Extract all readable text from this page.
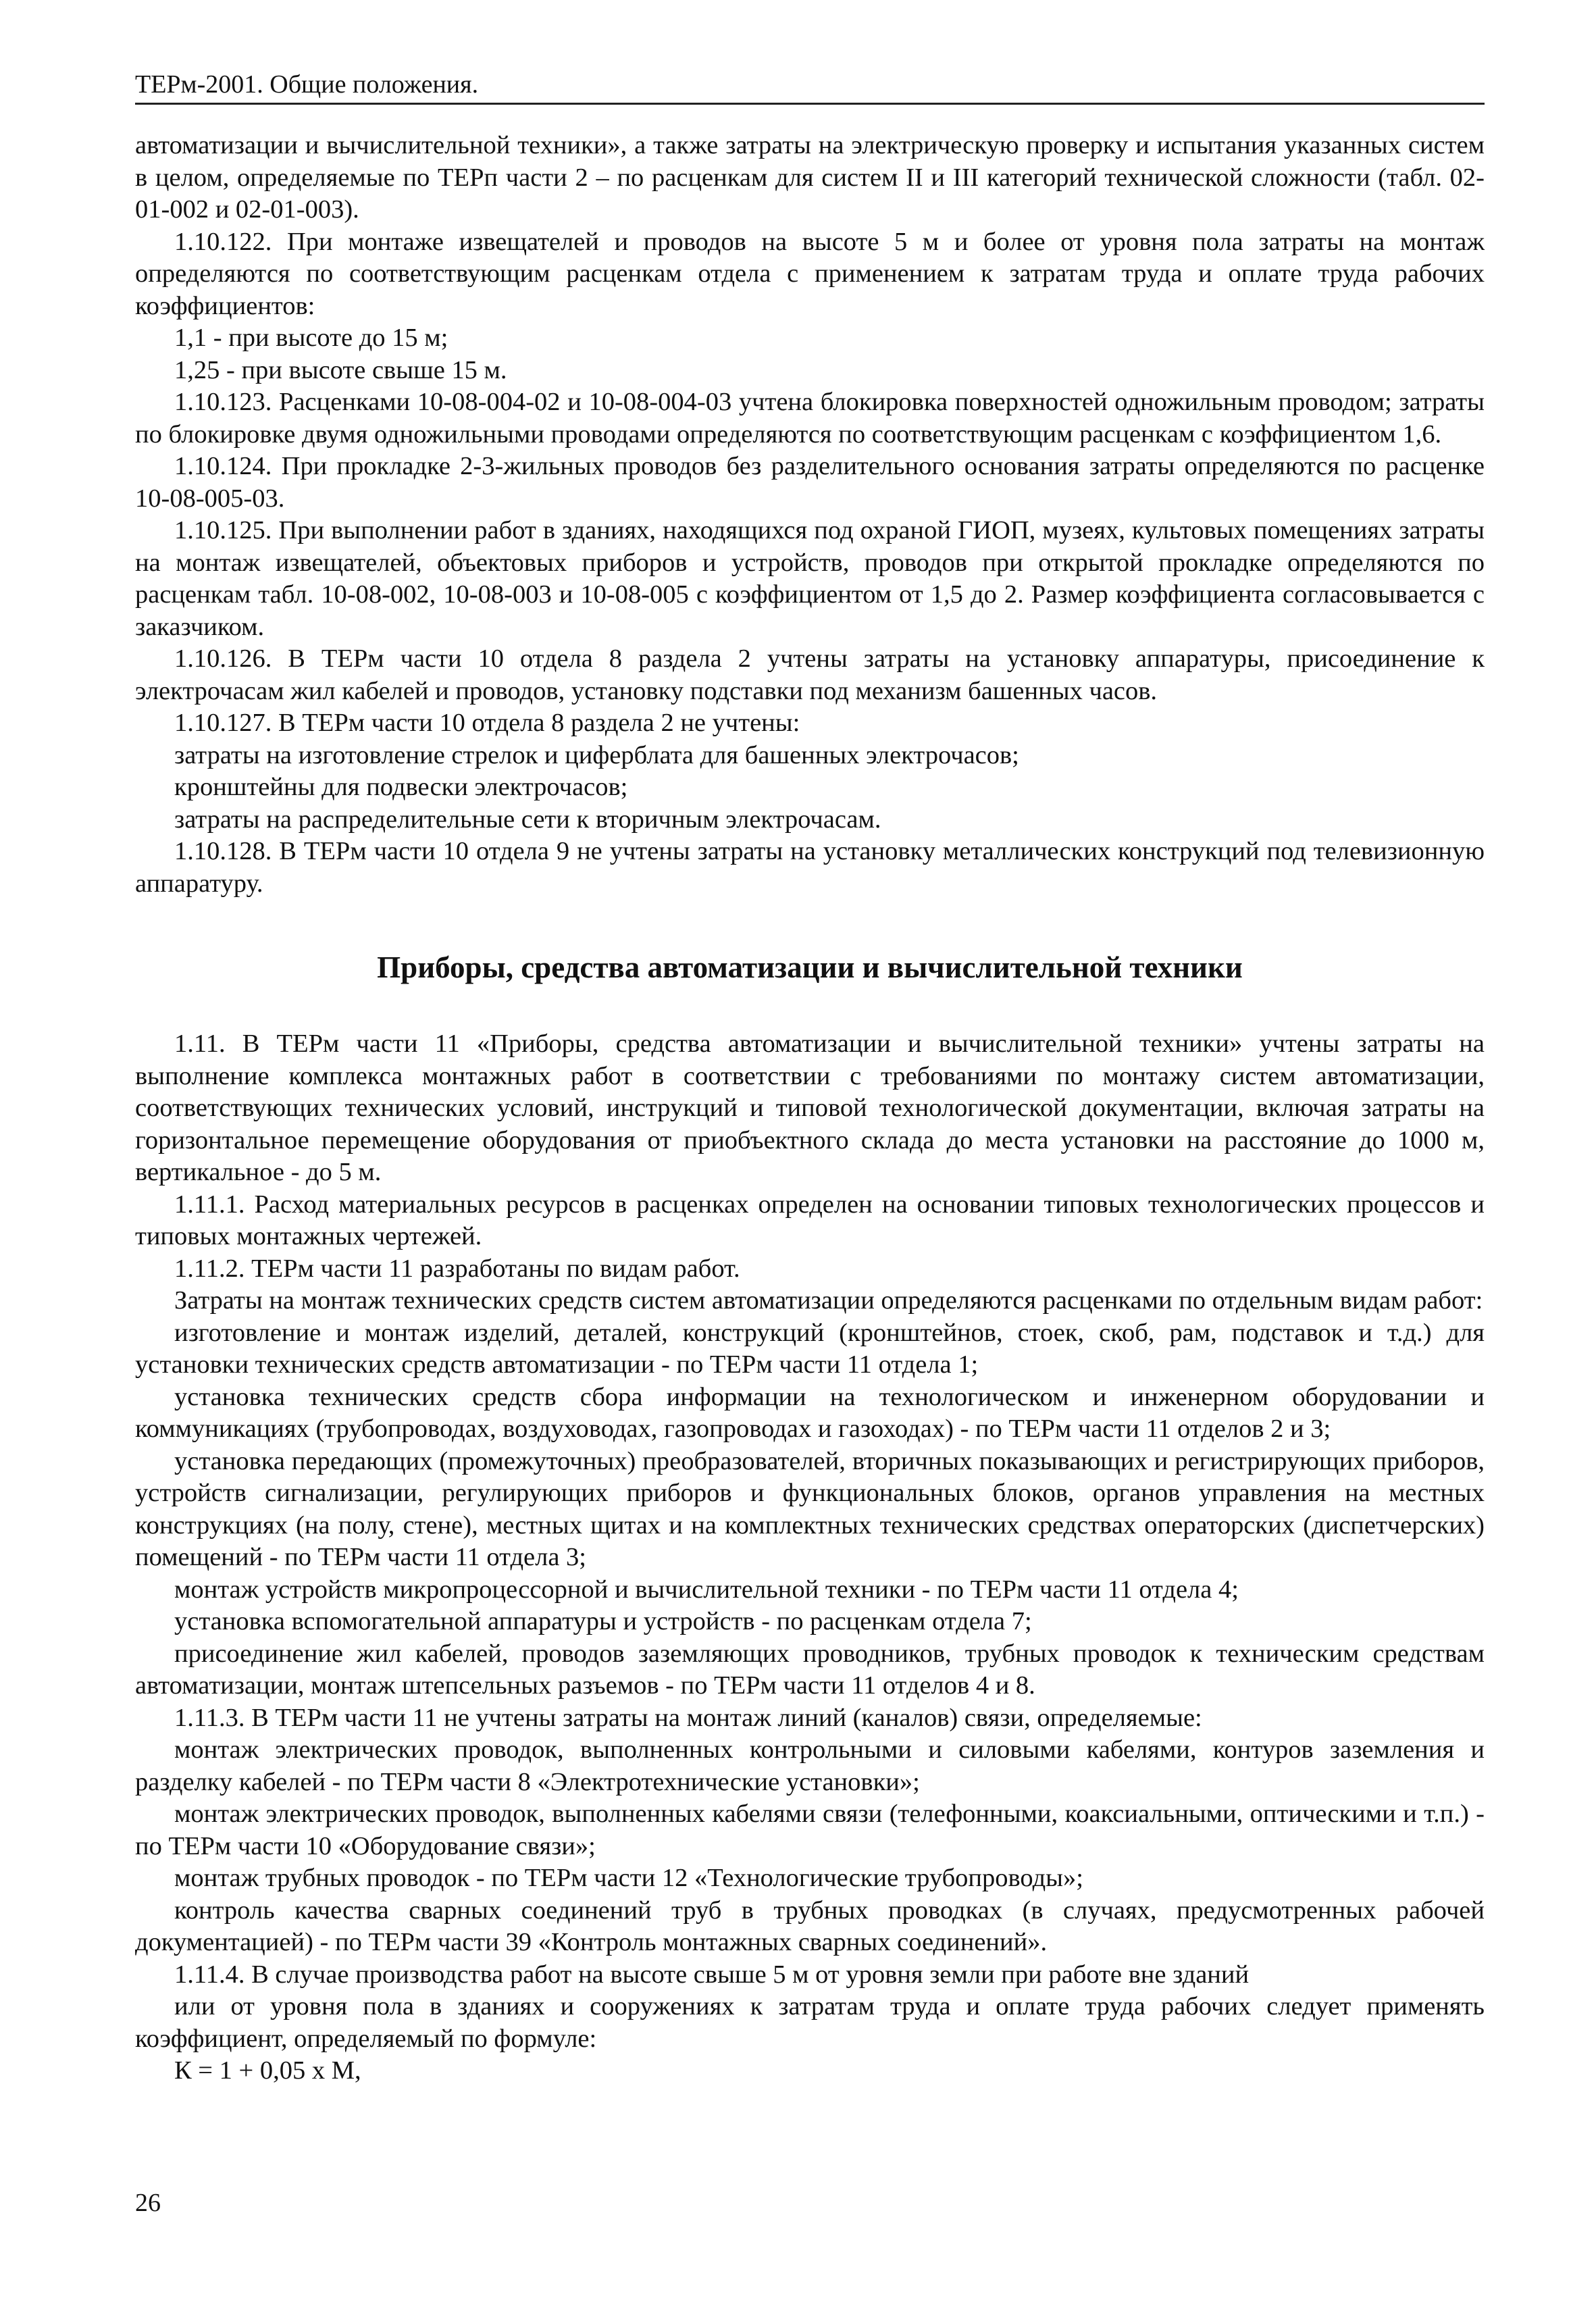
ТЕРм-2001. Общие положения.

автоматизации и вычислительной техники», а также затраты на электрическую проверку и испытания указанных систем в целом, определяемые по ТЕРп части 2 – по расценкам для систем II и III категорий технической сложности (табл. 02-01-002 и 02-01-003).

1.10.122. При монтаже извещателей и проводов на высоте 5 м и более от уровня пола затраты на монтаж определяются по соответствующим расценкам отдела с применением к затратам труда и оплате труда рабочих коэффициентов:

1,1 - при высоте до 15 м;

1,25 - при высоте свыше 15 м.

1.10.123. Расценками 10-08-004-02 и 10-08-004-03 учтена блокировка поверхностей одножильным проводом; затраты по блокировке двумя одножильными проводами определяются по соответствующим расценкам с коэффициентом 1,6.

1.10.124. При прокладке 2-3-жильных проводов без разделительного основания затраты определяются по расценке 10-08-005-03.

1.10.125. При выполнении работ в зданиях, находящихся под охраной ГИОП, музеях, культовых помещениях затраты на монтаж извещателей, объектовых приборов и устройств, проводов при открытой прокладке определяются по расценкам табл. 10-08-002, 10-08-003 и 10-08-005 с коэффициентом от 1,5 до 2. Размер коэффициента согласовывается с заказчиком.

1.10.126. В ТЕРм части 10 отдела 8 раздела 2 учтены затраты на установку аппаратуры, присоединение к электрочасам жил кабелей и проводов, установку подставки под механизм башенных часов.

1.10.127. В ТЕРм части 10 отдела 8 раздела 2 не учтены:

затраты на изготовление стрелок и циферблата для башенных электрочасов;

кронштейны для подвески электрочасов;

затраты на распределительные сети к вторичным электрочасам.

1.10.128. В ТЕРм части 10 отдела 9 не учтены затраты на установку металлических конструкций под телевизионную аппаратуру.

Приборы, средства автоматизации и вычислительной техники

1.11. В ТЕРм части 11 «Приборы, средства автоматизации и вычислительной техники» учтены затраты на выполнение комплекса монтажных работ в соответствии с требованиями по монтажу систем автоматизации, соответствующих технических условий, инструкций и типовой технологической документации, включая затраты на горизонтальное перемещение оборудования от приобъектного склада до места установки на расстояние до 1000 м, вертикальное - до 5 м.

1.11.1. Расход материальных ресурсов в расценках определен на основании типовых технологических процессов и типовых монтажных чертежей.

1.11.2. ТЕРм части 11 разработаны по видам работ.

Затраты на монтаж технических средств систем автоматизации определяются расценками по отдельным видам работ:

изготовление и монтаж изделий, деталей, конструкций (кронштейнов, стоек, скоб, рам, подставок и т.д.) для установки технических средств автоматизации - по ТЕРм части 11 отдела 1;

установка технических средств сбора информации на технологическом и инженерном оборудовании и коммуникациях (трубопроводах, воздуховодах, газопроводах и газоходах) - по ТЕРм части 11 отделов 2 и 3;

установка передающих (промежуточных) преобразователей, вторичных показывающих и регистрирующих приборов, устройств сигнализации, регулирующих приборов и функциональных блоков, органов управления на местных конструкциях (на полу, стене), местных щитах и на комплектных технических средствах операторских (диспетчерских) помещений - по ТЕРм части 11 отдела 3;

монтаж устройств микропроцессорной и вычислительной техники - по ТЕРм части 11 отдела 4;

установка вспомогательной аппаратуры и устройств - по расценкам отдела 7;

присоединение жил кабелей, проводов заземляющих проводников, трубных проводок к техническим средствам автоматизации, монтаж штепсельных разъемов - по ТЕРм части 11 отделов 4 и 8.

1.11.3. В ТЕРм части 11 не учтены затраты на монтаж линий (каналов) связи, определяемые:

монтаж электрических проводок, выполненных контрольными и силовыми кабелями, контуров заземления и разделку кабелей - по ТЕРм части 8 «Электротехнические установки»;

монтаж электрических проводок, выполненных кабелями связи (телефонными, коаксиальными, оптическими и т.п.) - по ТЕРм части 10 «Оборудование связи»;

монтаж трубных проводок - по ТЕРм части 12 «Технологические трубопроводы»;

контроль качества сварных соединений труб в трубных проводках (в случаях, предусмотренных рабочей документацией) - по ТЕРм части 39 «Контроль монтажных сварных соединений».

1.11.4. В случае производства работ на высоте свыше 5 м от уровня земли при работе вне зданий

или от уровня пола в зданиях и сооружениях к затратам труда и оплате труда рабочих следует применять коэффициент, определяемый по формуле:

К = 1 + 0,05 х М,

26
